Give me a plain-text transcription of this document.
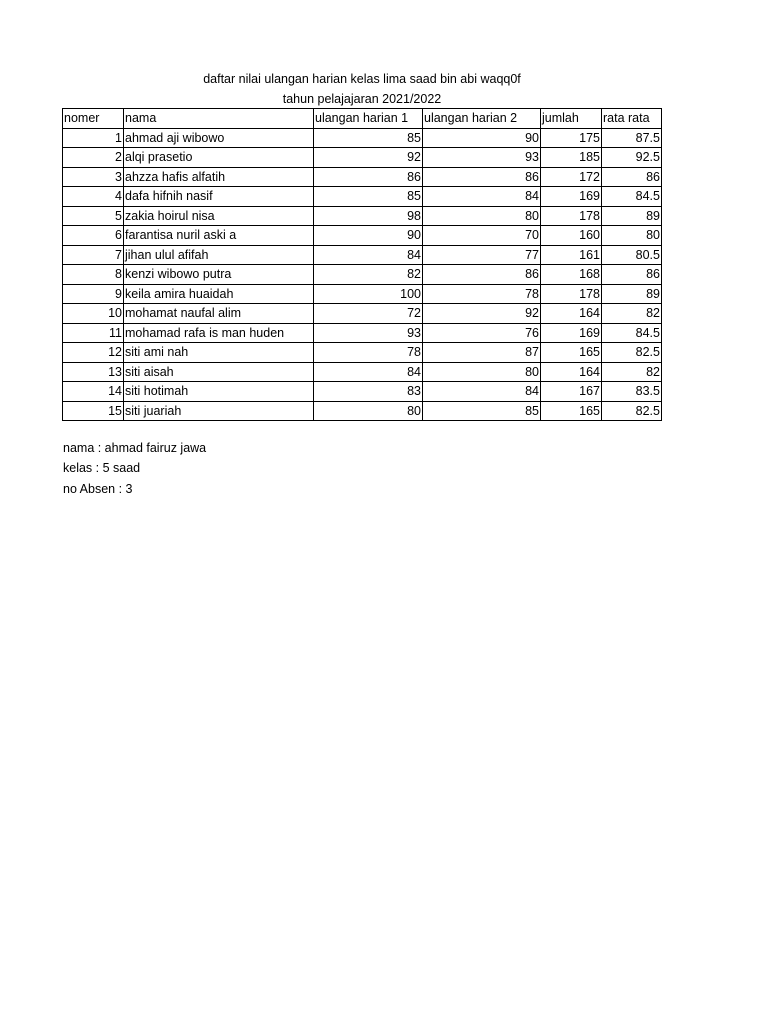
daftar nilai ulangan harian kelas lima saad bin abi waqq0f
tahun pelajajaran 2021/2022
nomer	nama	ulangan harian 1	ulangan harian 2	jumlah	rata rata
1	ahmad aji wibowo	85	90	175	87.5
2	alqi prasetio	92	93	185	92.5
3	ahzza hafis alfatih	86	86	172	86
4	dafa hifnih nasif	85	84	169	84.5
5	zakia hoirul nisa	98	80	178	89
6	farantisa nuril aski a	90	70	160	80
7	jihan ulul afifah	84	77	161	80.5
8	kenzi wibowo putra	82	86	168	86
9	keila amira huaidah	100	78	178	89
10	mohamat naufal alim	72	92	164	82
11	mohamad rafa is man huden	93	76	169	84.5
12	siti ami nah	78	87	165	82.5
13	siti aisah	84	80	164	82
14	siti hotimah	83	84	167	83.5
15	siti juariah	80	85	165	82.5
nama : ahmad fairuz jawa
kelas : 5 saad
no Absen : 3
